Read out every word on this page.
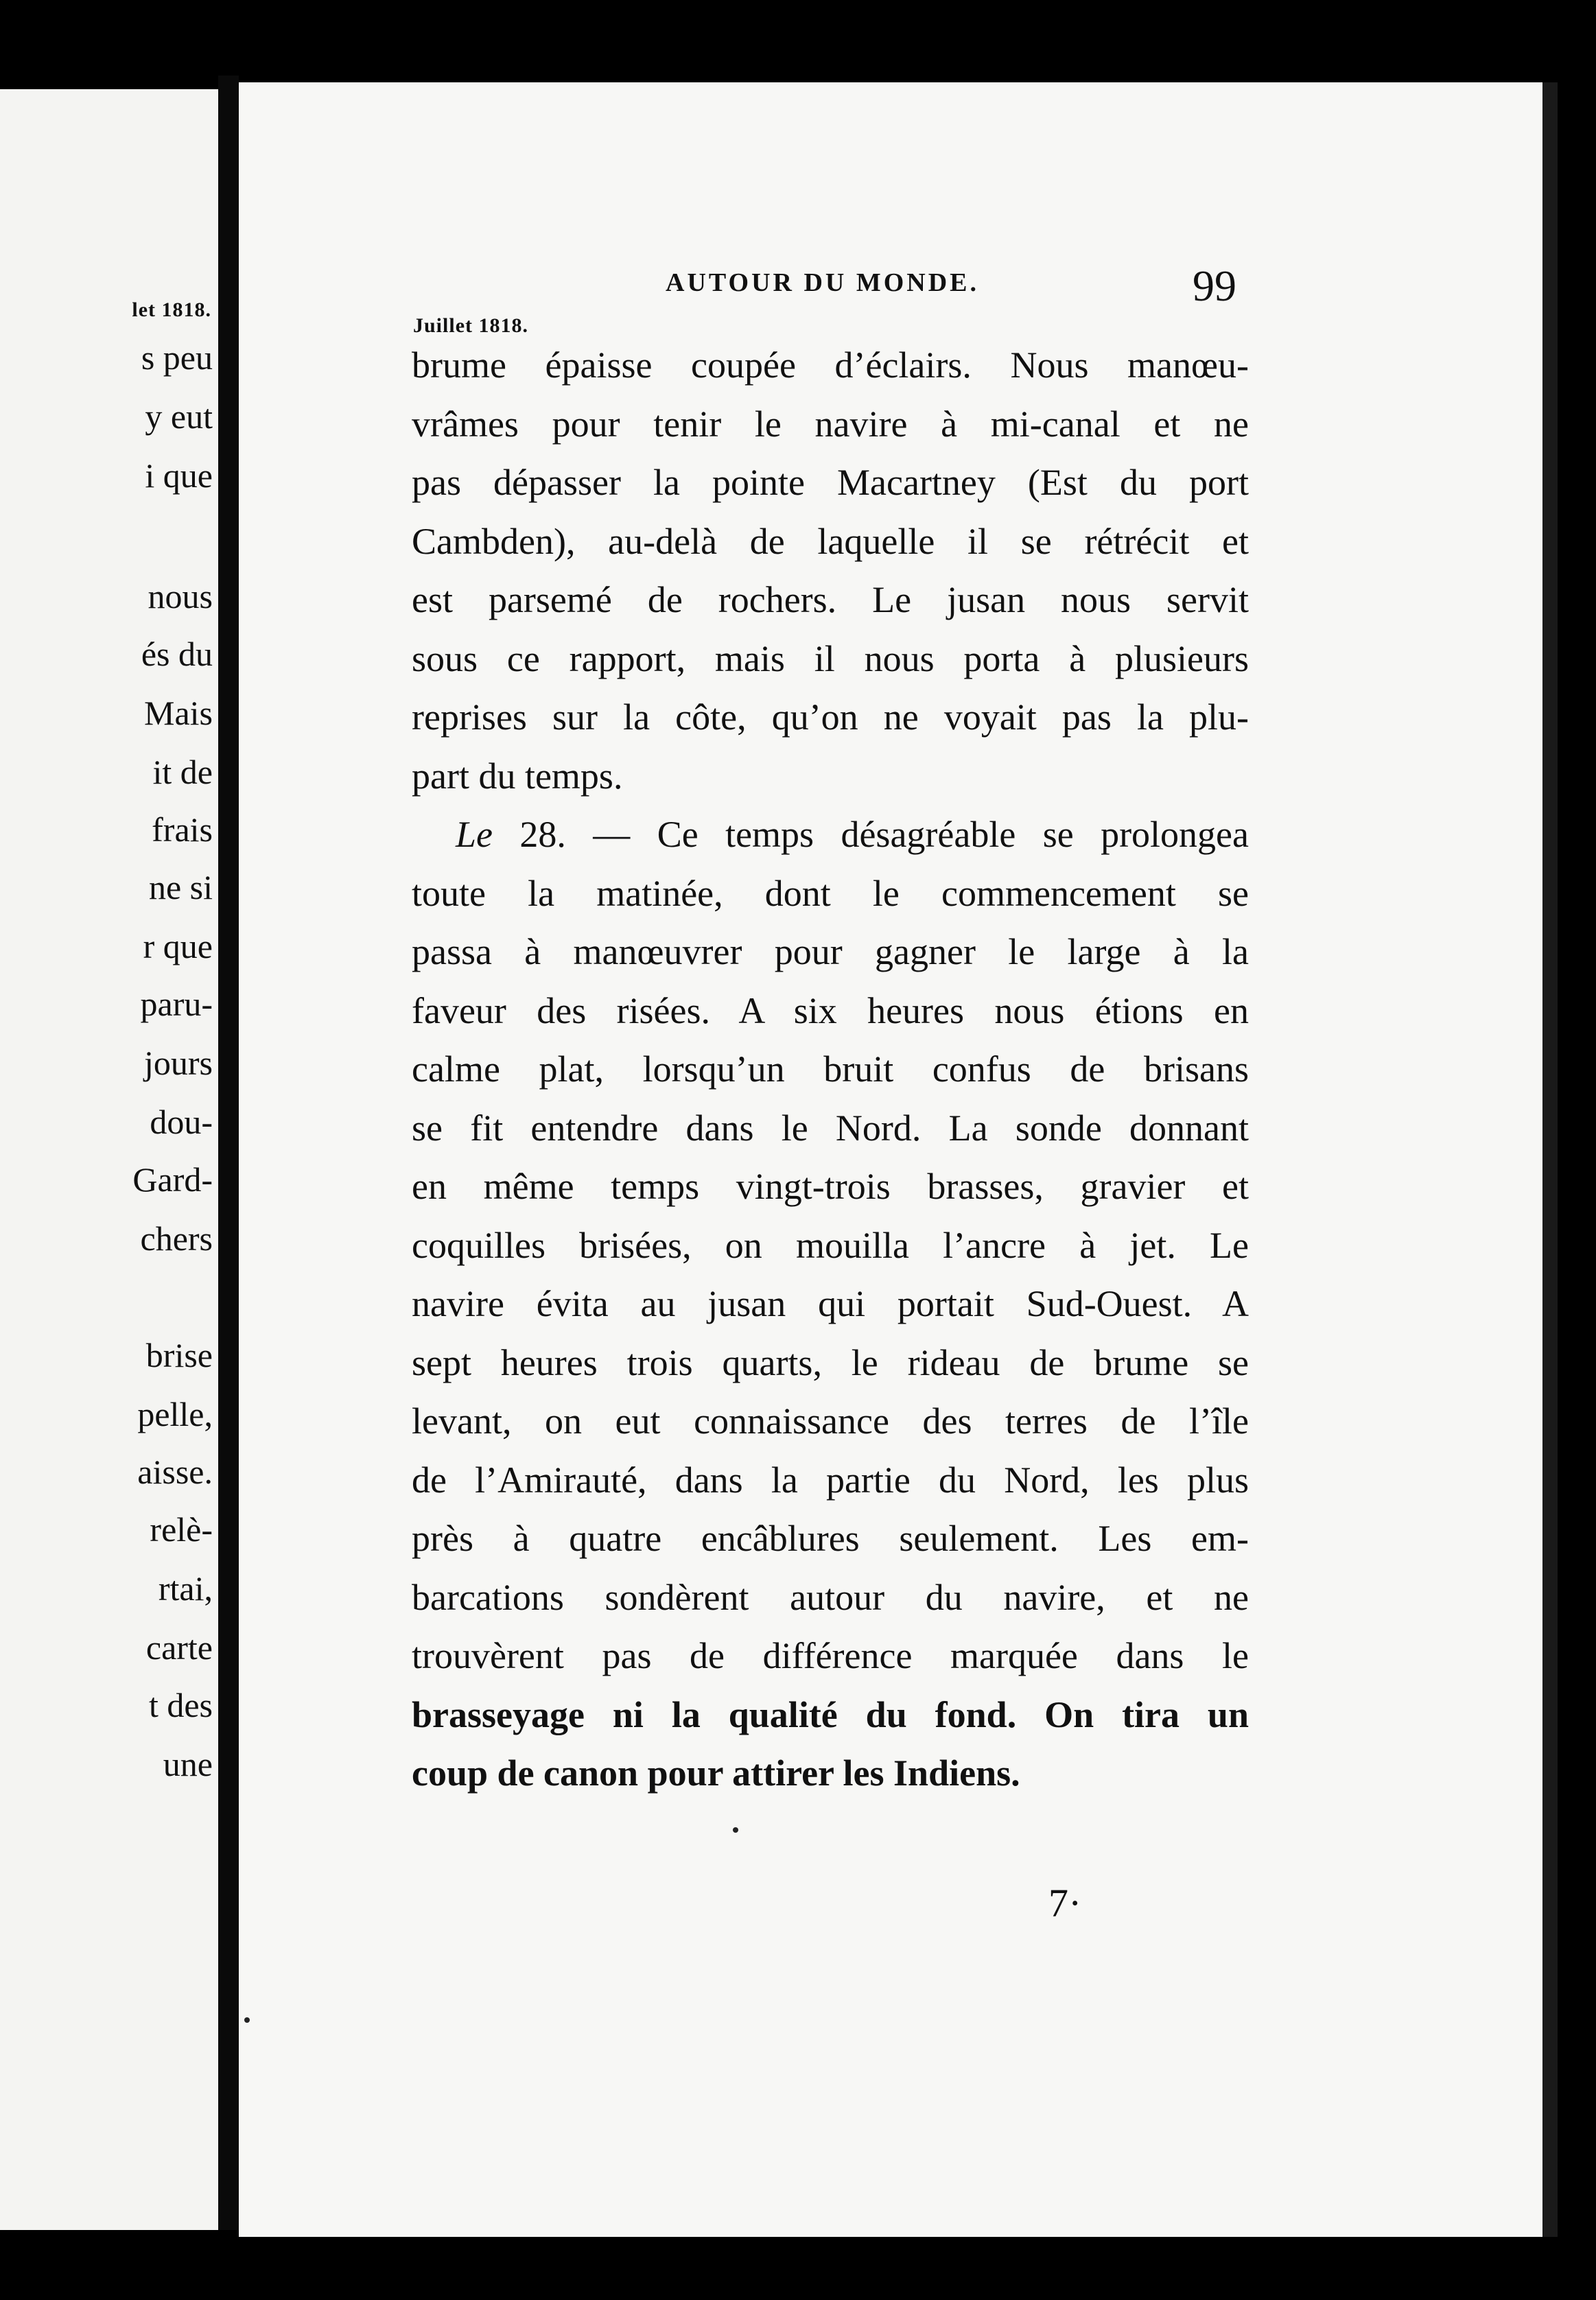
let 1818.
s peu
y eut
i que
nous
és du
Mais
it de
frais
ne si
r que
paru-
jours
dou-
Gard-
chers
brise
pelle,
aisse.
relè-
rtai,
carte
t des
une
AUTOUR DU MONDE.	99
Juillet 1818.
brume épaisse coupée d’éclairs. Nous manœu-
vrâmes pour tenir le navire à mi-canal et ne
pas dépasser la pointe Macartney (Est du port
Cambden), au-delà de laquelle il se rétrécit et
est parsemé de rochers. Le jusan nous servit
sous ce rapport, mais il nous porta à plusieurs
reprises sur la côte, qu’on ne voyait pas la plu-
part du temps.
Le 28. — Ce temps désagréable se prolongea
toute la matinée, dont le commencement se
passa à manœuvrer pour gagner le large à la
faveur des risées. A six heures nous étions en
calme plat, lorsqu’un bruit confus de brisans
se fit entendre dans le Nord. La sonde donnant
en même temps vingt-trois brasses, gravier et
coquilles brisées, on mouilla l’ancre à jet. Le
navire évita au jusan qui portait Sud-Ouest. A
sept heures trois quarts, le rideau de brume se
levant, on eut connaissance des terres de l’île
de l’Amirauté, dans la partie du Nord, les plus
près à quatre encâblures seulement. Les em-
barcations sondèrent autour du navire, et ne
trouvèrent pas de différence marquée dans le
brasseyage ni la qualité du fond. On tira un
coup de canon pour attirer les Indiens.
7·
